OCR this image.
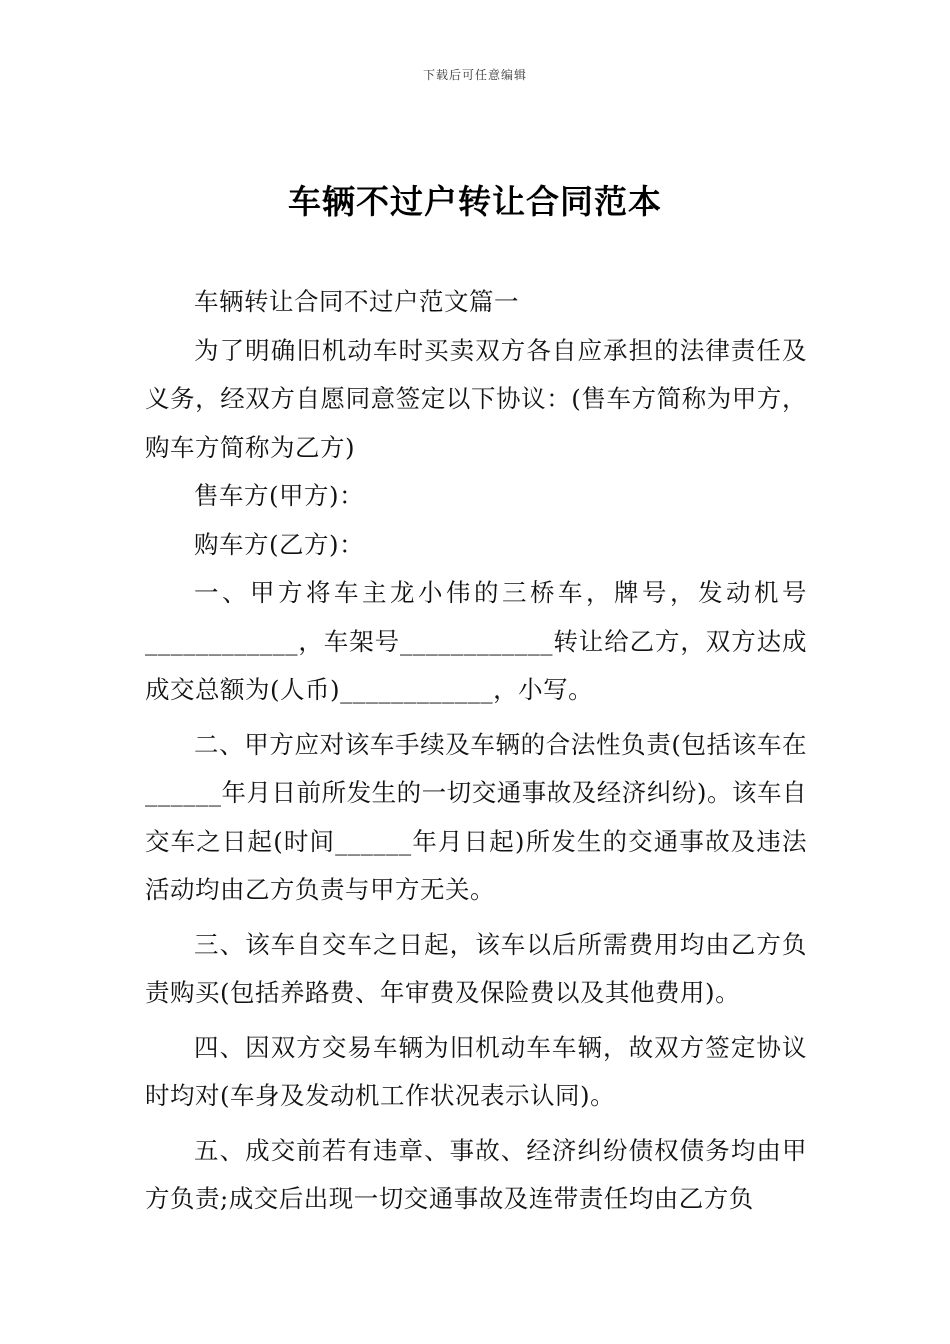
下载后可任意编辑
车辆不过户转让合同范本

车辆转让合同不过户范文篇一

为了明确旧机动车时买卖双方各自应承担的法律责任及义务，经双方自愿同意签定以下协议：(售车方简称为甲方，购车方简称为乙方)

售车方(甲方)：

购车方(乙方)：

一、甲方将车主龙小伟的三桥车，牌号，发动机号____________，车架号____________转让给乙方，双方达成成交总额为(人币)____________，小写。

二、甲方应对该车手续及车辆的合法性负责(包括该车在______年月日前所发生的一切交通事故及经济纠纷)。该车自交车之日起(时间______年月日起)所发生的交通事故及违法活动均由乙方负责与甲方无关。

三、该车自交车之日起，该车以后所需费用均由乙方负责购买(包括养路费、年审费及保险费以及其他费用)。

四、因双方交易车辆为旧机动车车辆，故双方签定协议时均对(车身及发动机工作状况表示认同)。

五、成交前若有违章、事故、经济纠纷债权债务均由甲方负责;成交后出现一切交通事故及连带责任均由乙方负
